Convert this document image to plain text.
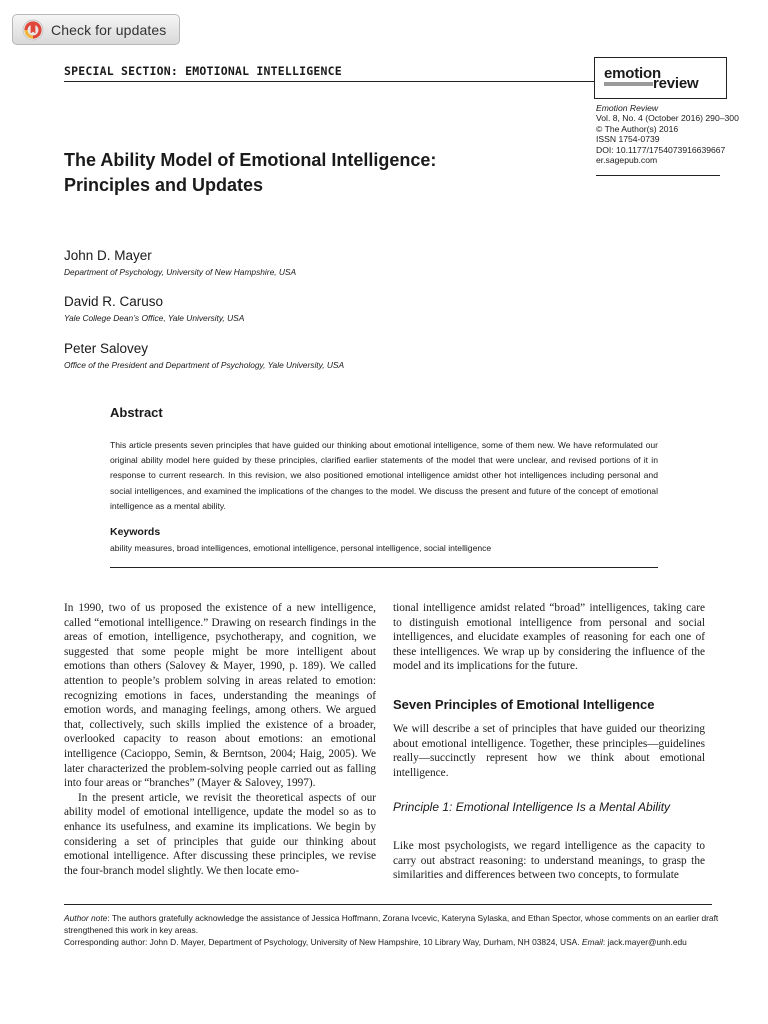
Check for updates
SPECIAL SECTION: EMOTIONAL INTELLIGENCE	emotion
review
Emotion Review
Vol. 8, No. 4 (October 2016) 290–300
© The Author(s) 2016
ISSN 1754-0739
DOI: 10.1177/1754073916639667
er.sagepub.com
The Ability Model of Emotional Intelligence:
Principles and Updates
John D. Mayer
Department of Psychology, University of New Hampshire, USA
David R. Caruso
Yale College Dean’s Office, Yale University, USA
Peter Salovey
Office of the President and Department of Psychology, Yale University, USA
Abstract
This article presents seven principles that have guided our thinking about emotional intelligence, some of them new. We have reformulated our original ability model here guided by these principles, clarified earlier statements of the model that were unclear, and revised portions of it in response to current research. In this revision, we also positioned emotional intelligence amidst other hot intelligences including personal and social intelligences, and examined the implications of the changes to the model. We discuss the present and future of the concept of emotional intelligence as a mental ability.
Keywords
ability measures, broad intelligences, emotional intelligence, personal intelligence, social intelligence

In 1990, two of us proposed the existence of a new intelligence, called “emotional intelligence.” Drawing on research findings in the areas of emotion, intelligence, psychotherapy, and cognition, we suggested that some people might be more intelligent about emotions than others (Salovey & Mayer, 1990, p. 189). We called attention to people’s problem solving in areas related to emotion: recognizing emotions in faces, understanding the meanings of emotion words, and managing feelings, among others. We argued that, collectively, such skills implied the existence of a broader, overlooked capacity to reason about emotions: an emotional intelligence (Cacioppo, Semin, & Berntson, 2004; Haig, 2005). We later characterized the problem-solving people carried out as falling into four areas or “branches” (Mayer & Salovey, 1997).

In the present article, we revisit the theoretical aspects of our ability model of emotional intelligence, update the model so as to enhance its usefulness, and examine its implications. We begin by considering a set of principles that guide our thinking about emotional intelligence. After discussing these principles, we revise the four-branch model slightly. We then locate emo-

tional intelligence amidst related “broad” intelligences, taking care to distinguish emotional intelligence from personal and social intelligences, and elucidate examples of reasoning for each one of these intelligences. We wrap up by considering the influence of the model and its implications for the future.

Seven Principles of Emotional Intelligence

We will describe a set of principles that have guided our theorizing about emotional intelligence. Together, these principles—guidelines really—succinctly represent how we think about emotional intelligence.

Principle 1: Emotional Intelligence Is a Mental Ability

Like most psychologists, we regard intelligence as the capacity to carry out abstract reasoning: to understand meanings, to grasp the similarities and differences between two concepts, to formulate

Author note: The authors gratefully acknowledge the assistance of Jessica Hoffmann, Zorana Ivcevic, Kateryna Sylaska, and Ethan Spector, whose comments on an earlier draft strengthened this work in key areas.
Corresponding author: John D. Mayer, Department of Psychology, University of New Hampshire, 10 Library Way, Durham, NH 03824, USA. Email: jack.mayer@unh.edu
